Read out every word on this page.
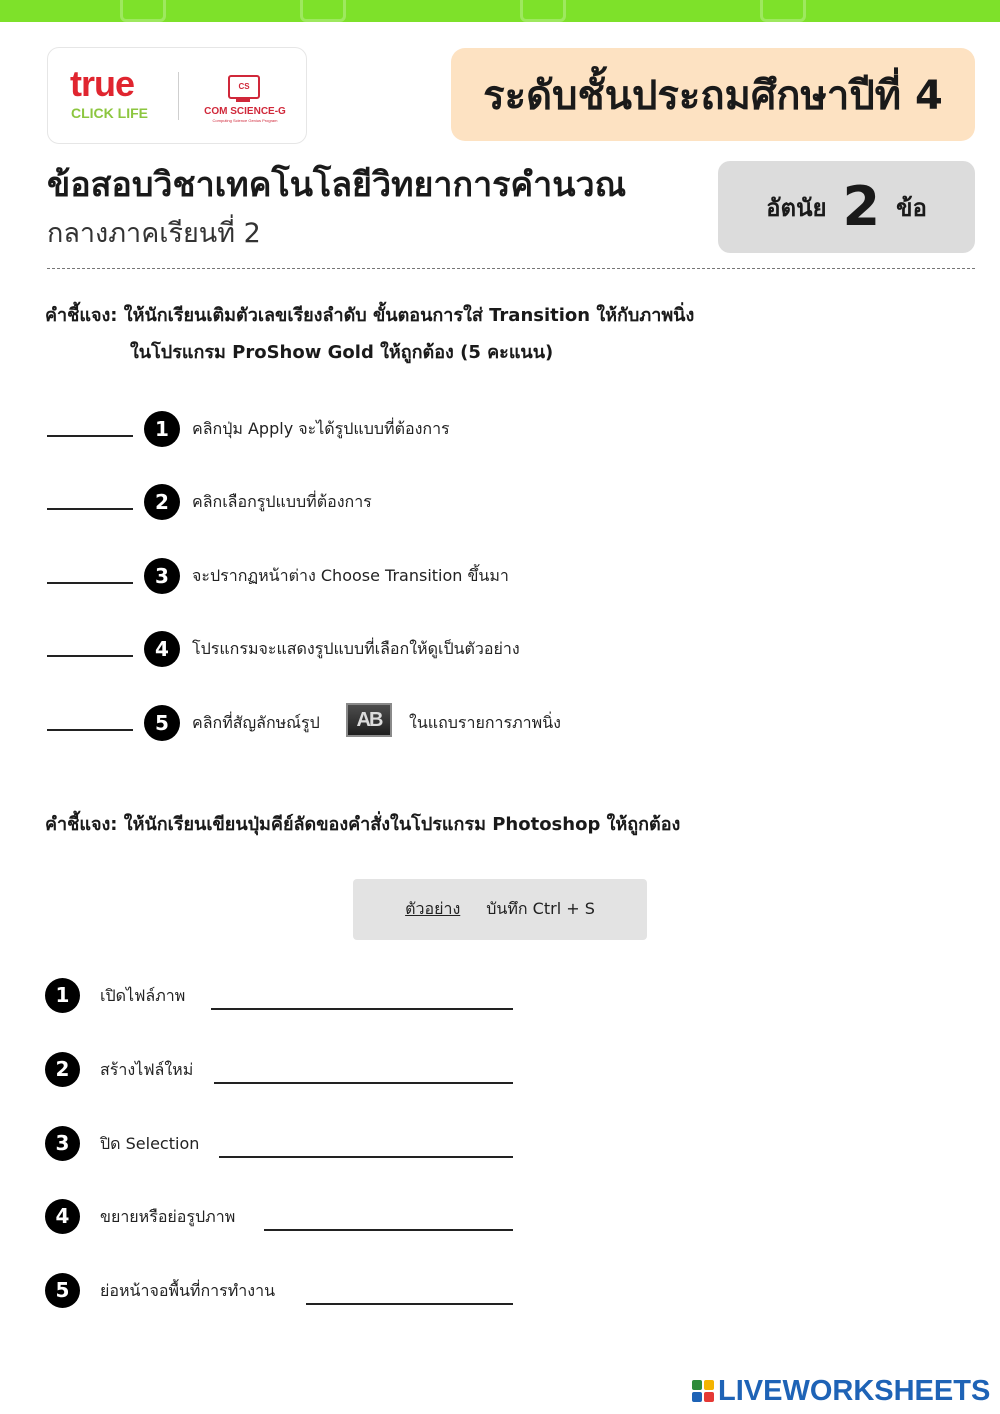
true
CLICK LIFE
CS
COM SCIENCE-G
Computing Science Genius Program
ระดับชั้นประถมศึกษาปีที่ 4
ข้อสอบวิชาเทคโนโลยีวิทยาการคำนวณ
กลางภาคเรียนที่ 2
อัตนัย 2 ข้อ
คำชี้แจง: ให้นักเรียนเติมตัวเลขเรียงลำดับ ขั้นตอนการใส่ Transition ให้กับภาพนิ่ง
ในโปรแกรม ProShow Gold ให้ถูกต้อง (5 คะแนน)
1	คลิกปุ่ม Apply จะได้รูปแบบที่ต้องการ
2	คลิกเลือกรูปแบบที่ต้องการ
3	จะปรากฏหน้าต่าง Choose Transition ขึ้นมา
4	โปรแกรมจะแสดงรูปแบบที่เลือกให้ดูเป็นตัวอย่าง
5	คลิกที่สัญลักษณ์รูป	AB	ในแถบรายการภาพนิ่ง
คำชี้แจง: ให้นักเรียนเขียนปุ่มคีย์ลัดของคำสั่งในโปรแกรม Photoshop ให้ถูกต้อง
ตัวอย่าง บันทึก Ctrl + S
1	เปิดไฟล์ภาพ
2	สร้างไฟล์ใหม่
3	ปิด Selection
4	ขยายหรือย่อรูปภาพ
5	ย่อหน้าจอพื้นที่การทำงาน
LIVEWORKSHEETS
